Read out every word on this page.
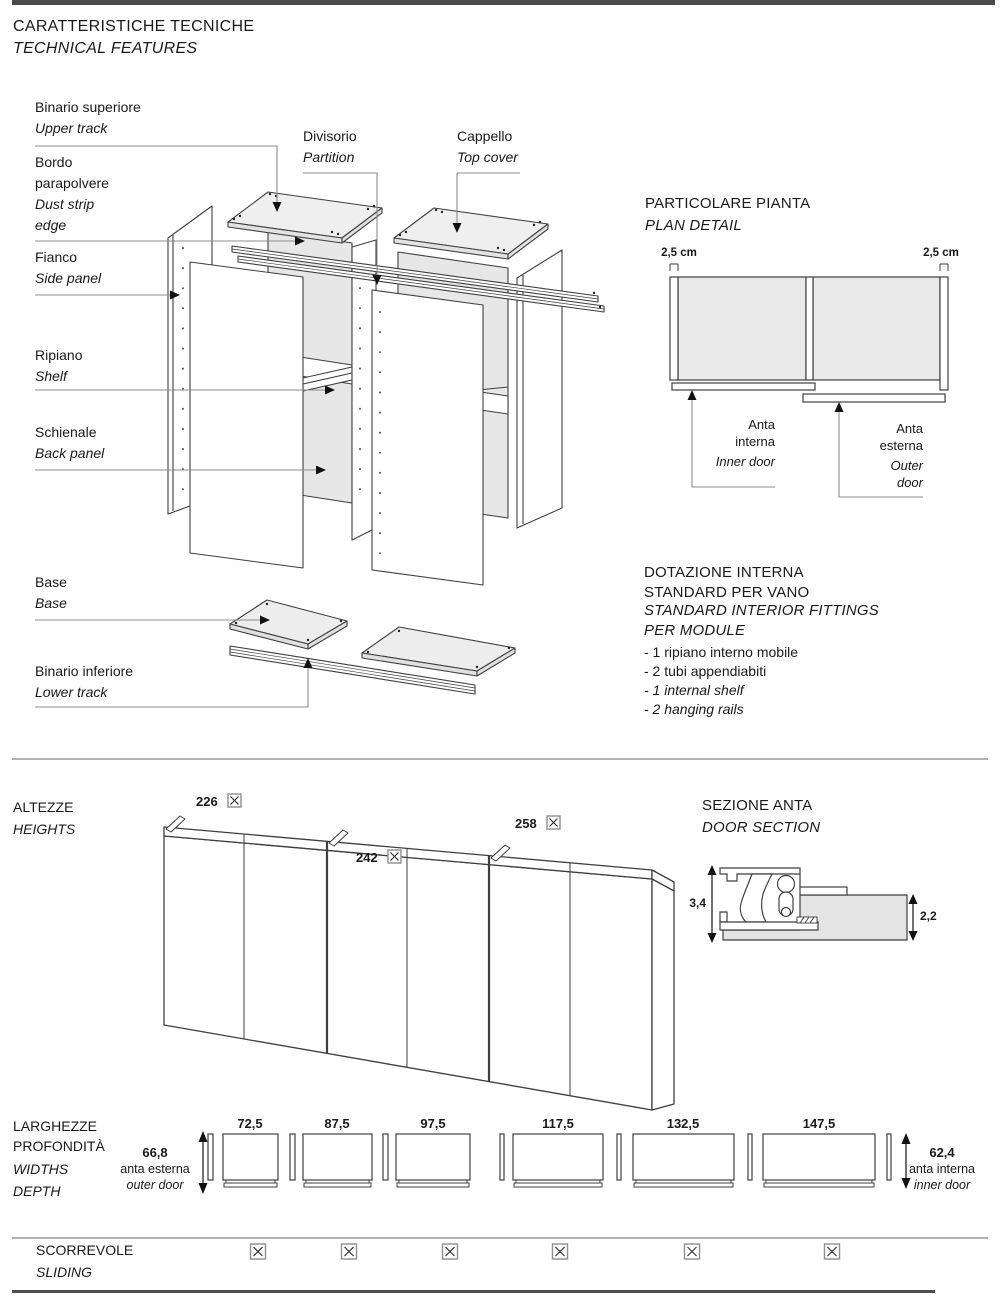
CARATTERISTICHE TECNICHE
TECHNICAL FEATURES
Binario superiore
Upper track
Bordo parapolvere
Dust strip edge
Fianco
Side panel
Ripiano
Shelf
Schienale
Back panel
Base
Base
Binario inferiore
Lower track
Divisorio
Partition
Cappello
Top cover
PARTICOLARE PIANTA
PLAN DETAIL
2,5 cm	2,5 cm
Anta interna
Inner door
Anta esterna
Outer door
DOTAZIONE INTERNA STANDARD PER VANO
STANDARD INTERIOR FITTINGS PER MODULE
- 1 ripiano interno mobile
- 2 tubi appendiabiti
- 1 internal shelf
- 2 hanging rails
ALTEZZE
HEIGHTS
226
242
258
SEZIONE ANTA
DOOR SECTION
3,4
2,2
LARGHEZZE
PROFONDITÀ
WIDTHS
DEPTH
66,8
anta esterna
outer door
62,4
anta interna
inner door
72,5	87,5	97,5	117,5	132,5	147,5
SCORREVOLE
SLIDING
